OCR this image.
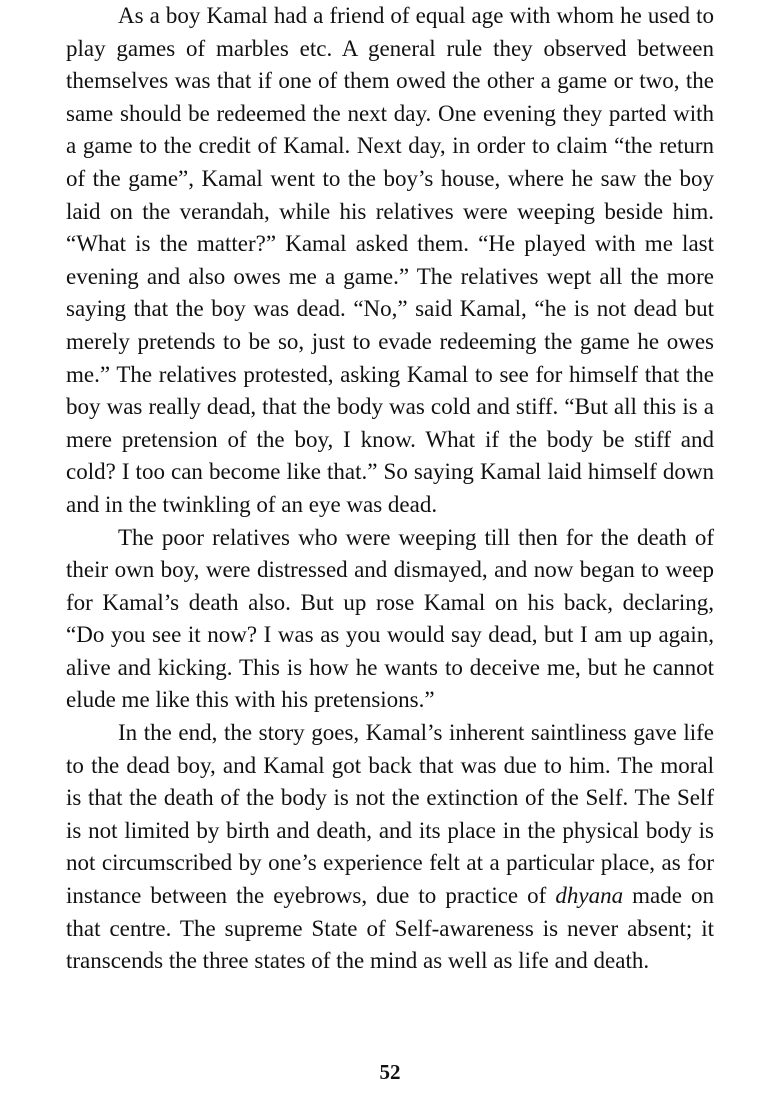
As a boy Kamal had a friend of equal age with whom he used to play games of marbles etc. A general rule they observed between themselves was that if one of them owed the other a game or two, the same should be redeemed the next day. One evening they parted with a game to the credit of Kamal. Next day, in order to claim “the return of the game”, Kamal went to the boy’s house, where he saw the boy laid on the verandah, while his relatives were weeping beside him. “What is the matter?” Kamal asked them. “He played with me last evening and also owes me a game.” The relatives wept all the more saying that the boy was dead. “No,” said Kamal, “he is not dead but merely pretends to be so, just to evade redeeming the game he owes me.” The relatives protested, asking Kamal to see for himself that the boy was really dead, that the body was cold and stiff. “But all this is a mere pretension of the boy, I know. What if the body be stiff and cold? I too can become like that.” So saying Kamal laid himself down and in the twinkling of an eye was dead.

The poor relatives who were weeping till then for the death of their own boy, were distressed and dismayed, and now began to weep for Kamal’s death also. But up rose Kamal on his back, declaring, “Do you see it now? I was as you would say dead, but I am up again, alive and kicking. This is how he wants to deceive me, but he cannot elude me like this with his pretensions.”

In the end, the story goes, Kamal’s inherent saintliness gave life to the dead boy, and Kamal got back that was due to him. The moral is that the death of the body is not the extinction of the Self. The Self is not limited by birth and death, and its place in the physical body is not circumscribed by one’s experience felt at a particular place, as for instance between the eyebrows, due to practice of dhyana made on that centre. The supreme State of Self-awareness is never absent; it transcends the three states of the mind as well as life and death.

52
